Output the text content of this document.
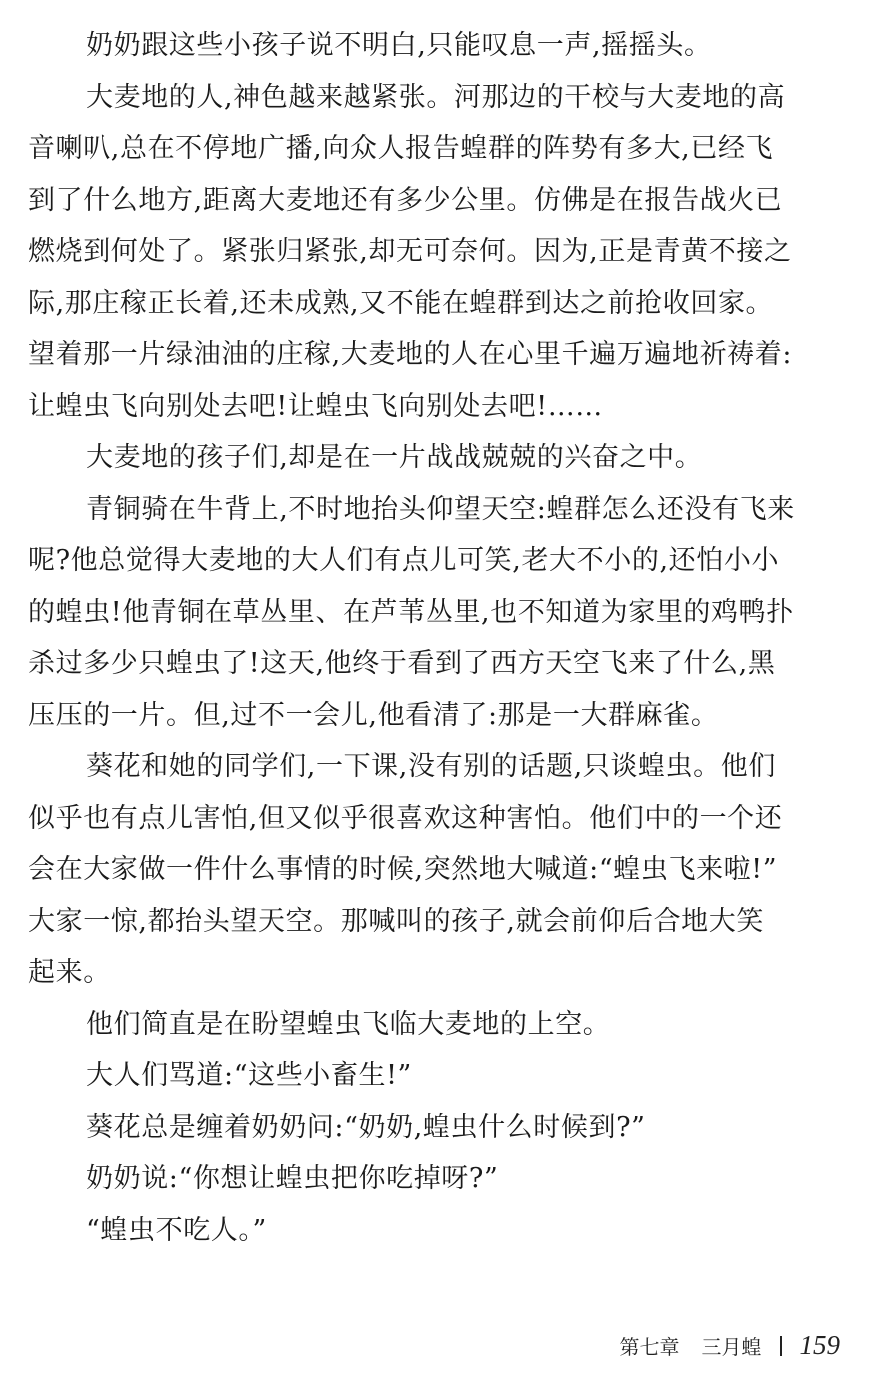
奶奶跟这些小孩子说不明白,只能叹息一声,摇摇头。
大麦地的人,神色越来越紧张。河那边的干校与大麦地的高
音喇叭,总在不停地广播,向众人报告蝗群的阵势有多大,已经飞
到了什么地方,距离大麦地还有多少公里。仿佛是在报告战火已
燃烧到何处了。紧张归紧张,却无可奈何。因为,正是青黄不接之
际,那庄稼正长着,还未成熟,又不能在蝗群到达之前抢收回家。
望着那一片绿油油的庄稼,大麦地的人在心里千遍万遍地祈祷着:
让蝗虫飞向别处去吧!让蝗虫飞向别处去吧!……
大麦地的孩子们,却是在一片战战兢兢的兴奋之中。
青铜骑在牛背上,不时地抬头仰望天空:蝗群怎么还没有飞来
呢?他总觉得大麦地的大人们有点儿可笑,老大不小的,还怕小小
的蝗虫!他青铜在草丛里、在芦苇丛里,也不知道为家里的鸡鸭扑
杀过多少只蝗虫了!这天,他终于看到了西方天空飞来了什么,黑
压压的一片。但,过不一会儿,他看清了:那是一大群麻雀。
葵花和她的同学们,一下课,没有别的话题,只谈蝗虫。他们
似乎也有点儿害怕,但又似乎很喜欢这种害怕。他们中的一个还
会在大家做一件什么事情的时候,突然地大喊道:“蝗虫飞来啦!”
大家一惊,都抬头望天空。那喊叫的孩子,就会前仰后合地大笑
起来。
他们简直是在盼望蝗虫飞临大麦地的上空。
大人们骂道:“这些小畜生!”
葵花总是缠着奶奶问:“奶奶,蝗虫什么时候到?”
奶奶说:“你想让蝗虫把你吃掉呀?”
“蝗虫不吃人。”
第七章 三月蝗 159
